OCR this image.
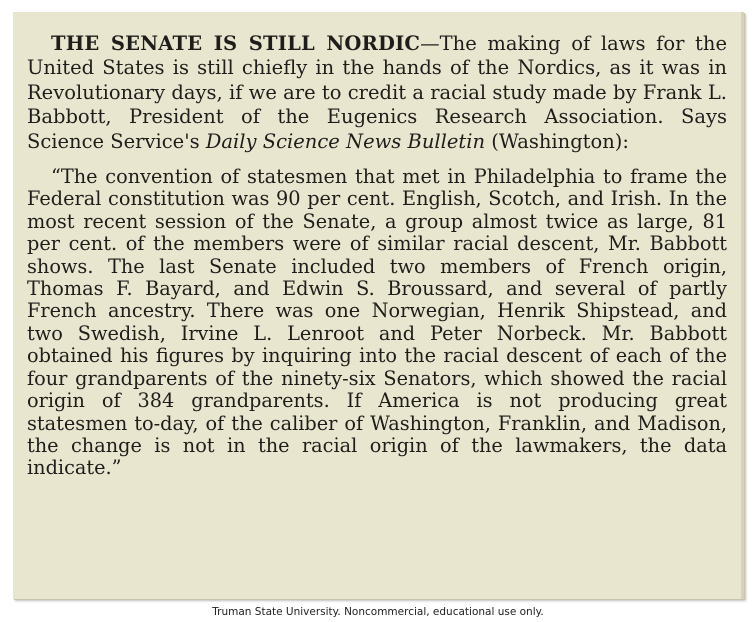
THE SENATE IS STILL NORDIC—The making of laws for the United States is still chiefly in the hands of the Nordics, as it was in Revolutionary days, if we are to credit a racial study made by Frank L. Babbott, President of the Eugenics Research Association. Says Science Service's Daily Science News Bulletin (Washington):

“The convention of statesmen that met in Philadelphia to frame the Federal constitution was 90 per cent. English, Scotch, and Irish. In the most recent session of the Senate, a group almost twice as large, 81 per cent. of the members were of similar racial descent, Mr. Babbott shows. The last Senate included two members of French origin, Thomas F. Bayard, and Edwin S. Broussard, and several of partly French ancestry. There was one Norwegian, Henrik Shipstead, and two Swedish, Irvine L. Lenroot and Peter Norbeck. Mr. Babbott obtained his figures by inquiring into the racial descent of each of the four grandparents of the ninety-six Senators, which showed the racial origin of 384 grandparents. If America is not producing great statesmen to-day, of the caliber of Washington, Franklin, and Madison, the change is not in the racial origin of the lawmakers, the data indicate.”

Truman State University. Noncommercial, educational use only.
